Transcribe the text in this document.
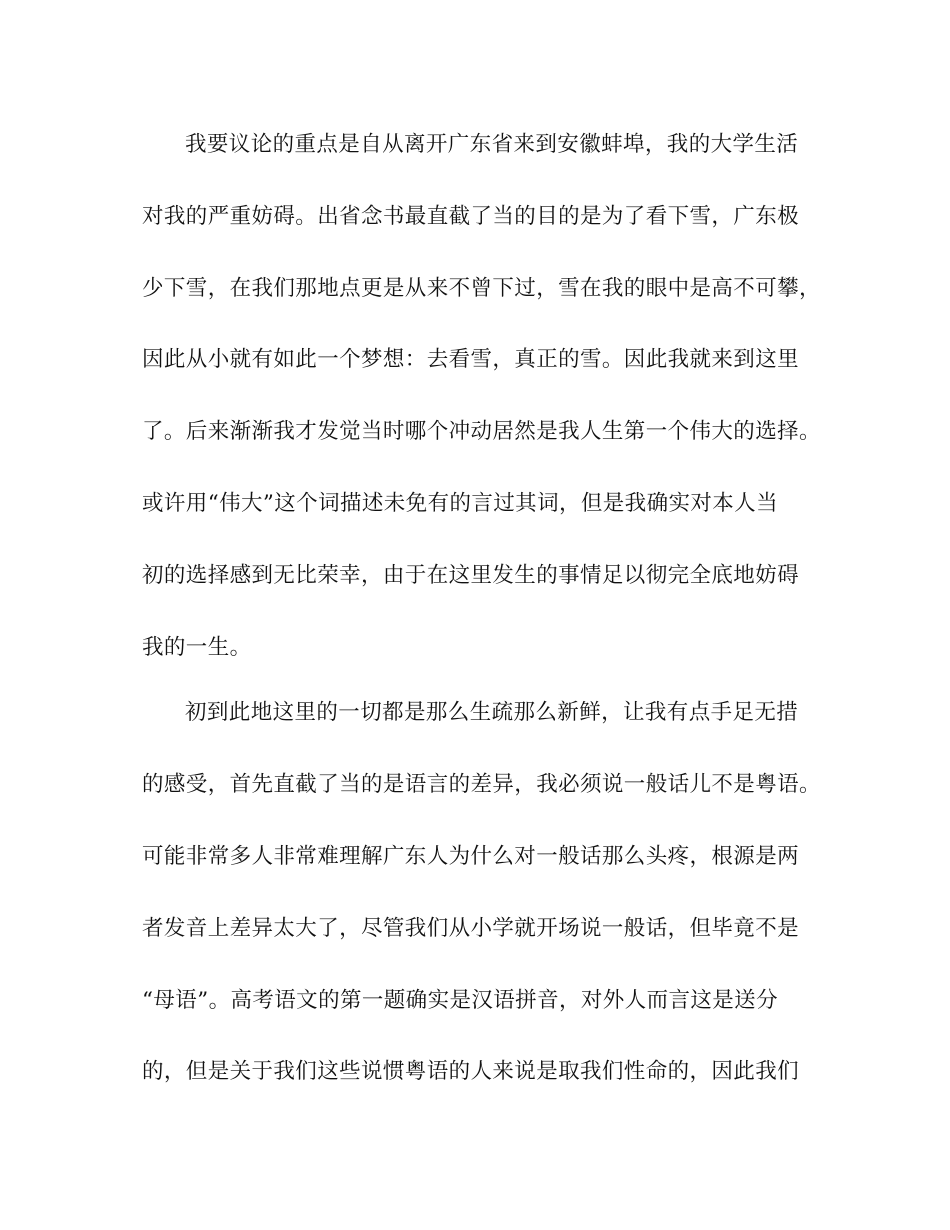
我要议论的重点是自从离开广东省来到安徽蚌埠，我的大学生活
对我的严重妨碍。出省念书最直截了当的目的是为了看下雪，广东极
少下雪，在我们那地点更是从来不曾下过，雪在我的眼中是高不可攀，
因此从小就有如此一个梦想：去看雪，真正的雪。因此我就来到这里
了。后来渐渐我才发觉当时哪个冲动居然是我人生第一个伟大的选择。
或许用“伟大”这个词描述未免有的言过其词，但是我确实对本人当
初的选择感到无比荣幸，由于在这里发生的事情足以彻完全底地妨碍
我的一生。
初到此地这里的一切都是那么生疏那么新鲜，让我有点手足无措
的感受，首先直截了当的是语言的差异，我必须说一般话儿不是粤语。
可能非常多人非常难理解广东人为什么对一般话那么头疼，根源是两
者发音上差异太大了，尽管我们从小学就开场说一般话，但毕竟不是
“母语”。高考语文的第一题确实是汉语拼音，对外人而言这是送分
的，但是关于我们这些说惯粤语的人来说是取我们性命的，因此我们
